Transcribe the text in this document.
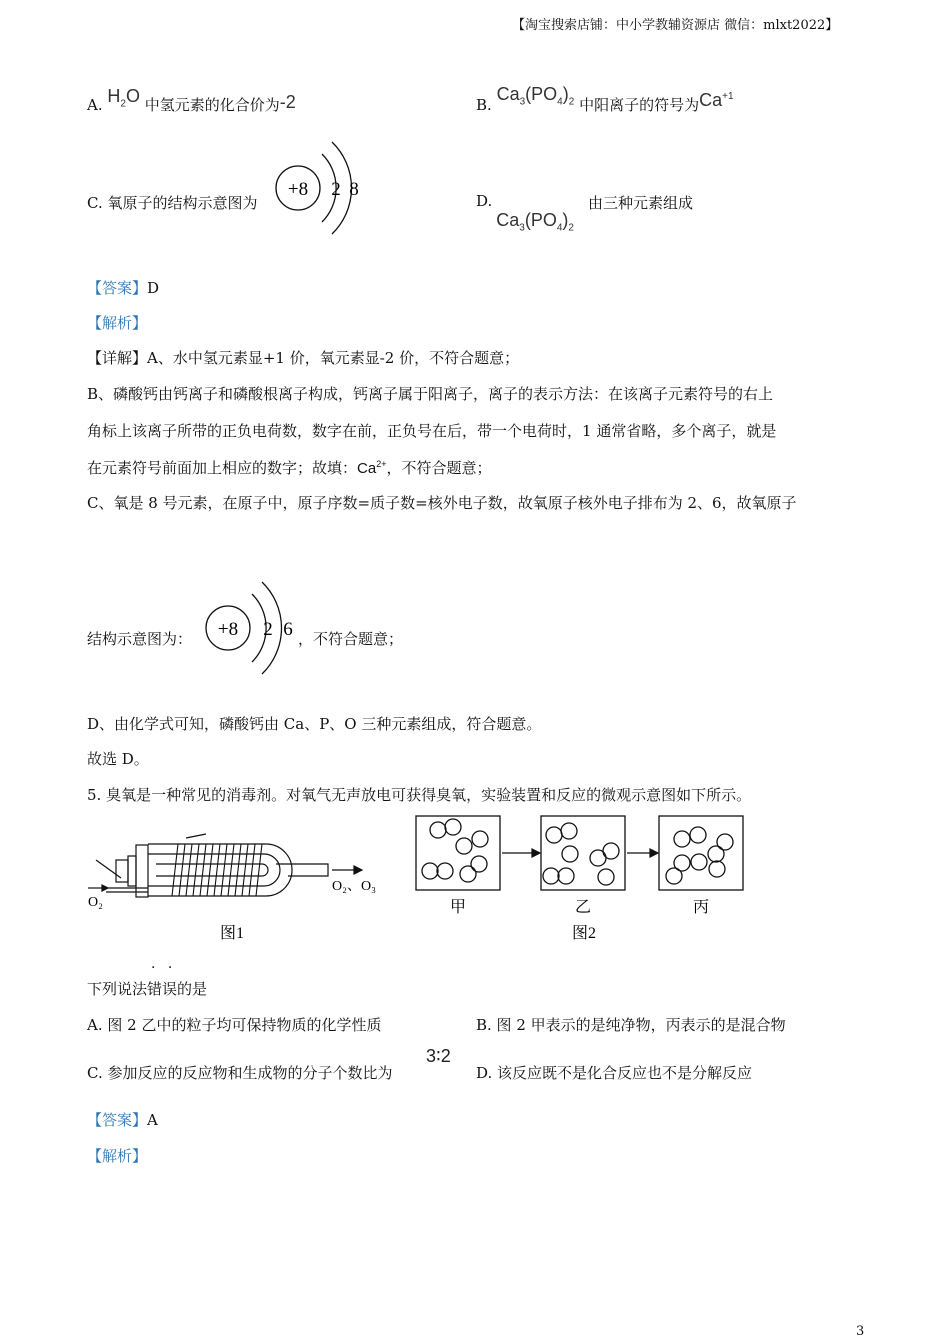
【淘宝搜索店铺：中小学教辅资源店 微信：mlxt2022】
A. $H_2O$ 中氢元素的化合价为-2	B. $Ca_3(PO_4)_2$ 中阳离子的符号为$Ca^{+1}$
C. 氧原子的结构示意图为
+8 2 8
$D.Ca_3(PO_4)_2$
由三种元素组成
【答案】D
【解析】
【详解】A、水中氢元素显+1 价，氧元素显-2 价，不符合题意；
B、磷酸钙由钙离子和磷酸根离子构成，钙离子属于阳离子，离子的表示方法：在该离子元素符号的右上
角标上该离子所带的正负电荷数，数字在前，正负号在后，带一个电荷时，1 通常省略，多个离子，就是
在元素符号前面加上相应的数字；故填：$Ca^{2+}$，不符合题意；
C、氧是 8 号元素，在原子中，原子序数=质子数=核外电子数，故氧原子核外电子排布为 2、6，故氧原子
结构示意图为： +8 2 6 ，不符合题意；
D、由化学式可知，磷酸钙由 Ca、P、O 三种元素组成，符合题意。
故选 D。
5. 臭氧是一种常见的消毒剂。对氧气无声放电可获得臭氧，实验装置和反应的微观示意图如下所示。
O₂
O₂、O₃
图1
甲	乙	丙
图2
· ·
下列说法错误的是
A. 图 2 乙中的粒子均可保持物质的化学性质	B. 图 2 甲表示的是纯净物，丙表示的是混合物
C. 参加反应的反应物和生成物的分子个数比为
3∶2
D. 该反应既不是化合反应也不是分解反应
【答案】A
【解析】
3
